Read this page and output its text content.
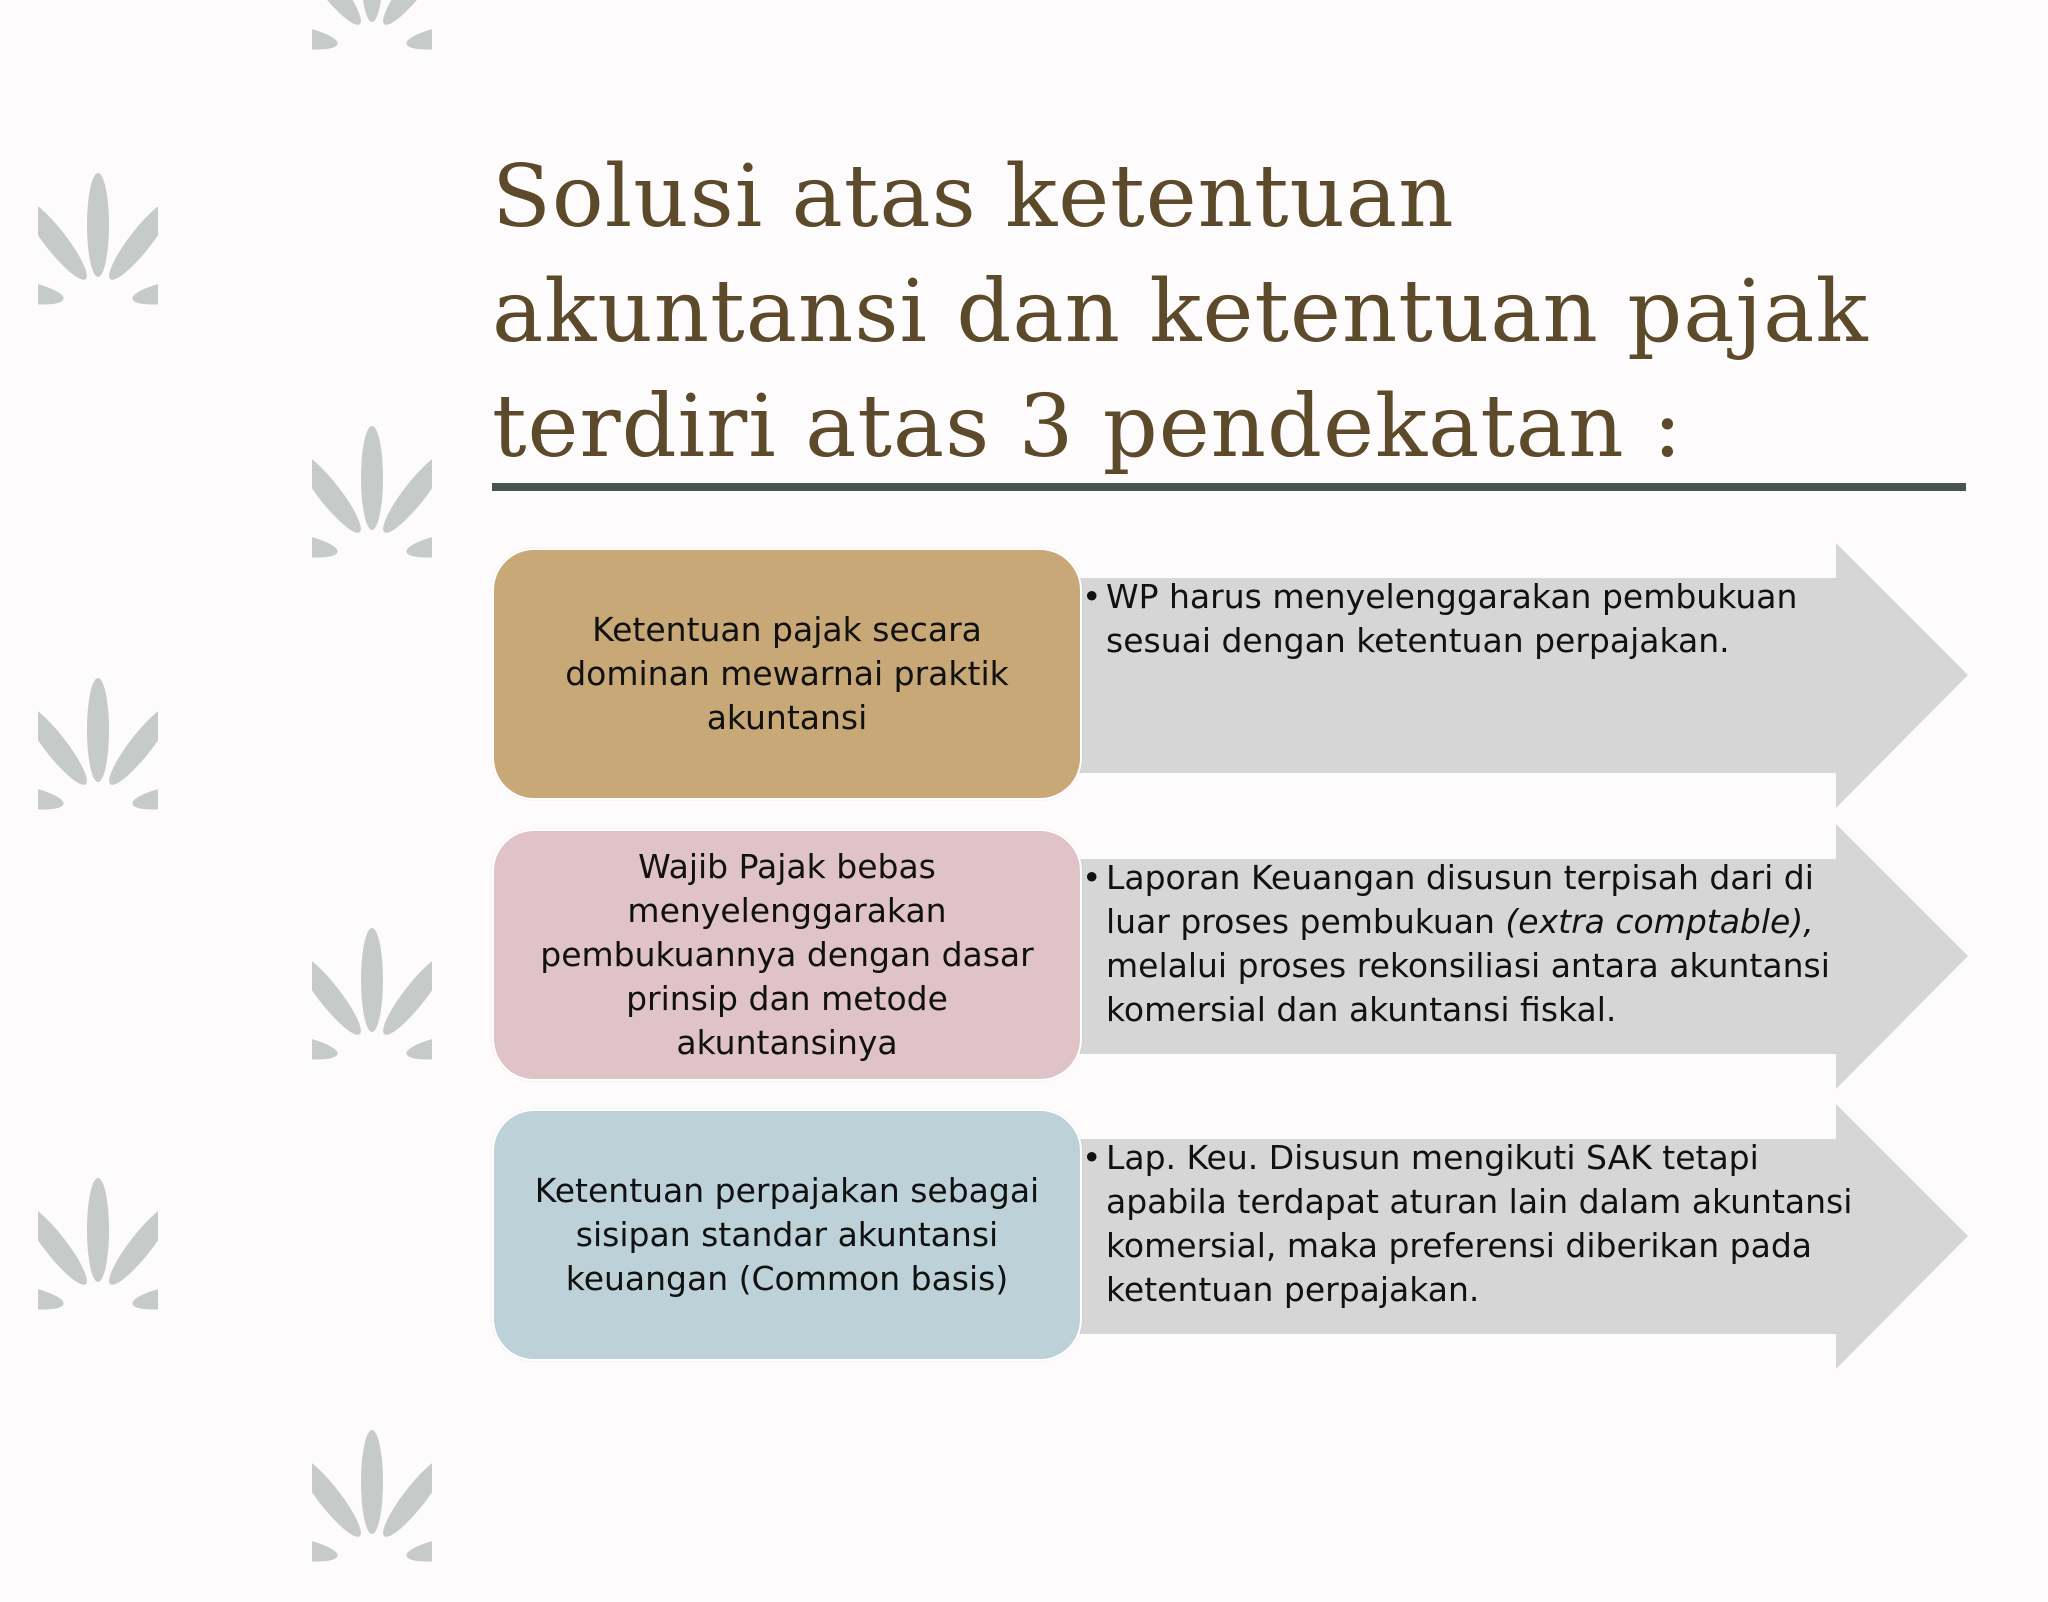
Solusi atas ketentuan
akuntansi dan ketentuan pajak
terdiri atas 3 pendekatan :
Ketentuan pajak secara dominan mewarnai praktik akuntansi
• WP harus menyelenggarakan pembukuan sesuai dengan ketentuan perpajakan.
Wajib Pajak bebas menyelenggarakan pembukuannya dengan dasar prinsip dan metode akuntansinya
• Laporan Keuangan disusun terpisah dari di luar proses pembukuan (extra comptable), melalui proses rekonsiliasi antara akuntansi komersial dan akuntansi fiskal.
Ketentuan perpajakan sebagai sisipan standar akuntansi keuangan (Common basis)
• Lap. Keu. Disusun mengikuti SAK tetapi apabila terdapat aturan lain dalam akuntansi komersial, maka preferensi diberikan pada ketentuan perpajakan.
